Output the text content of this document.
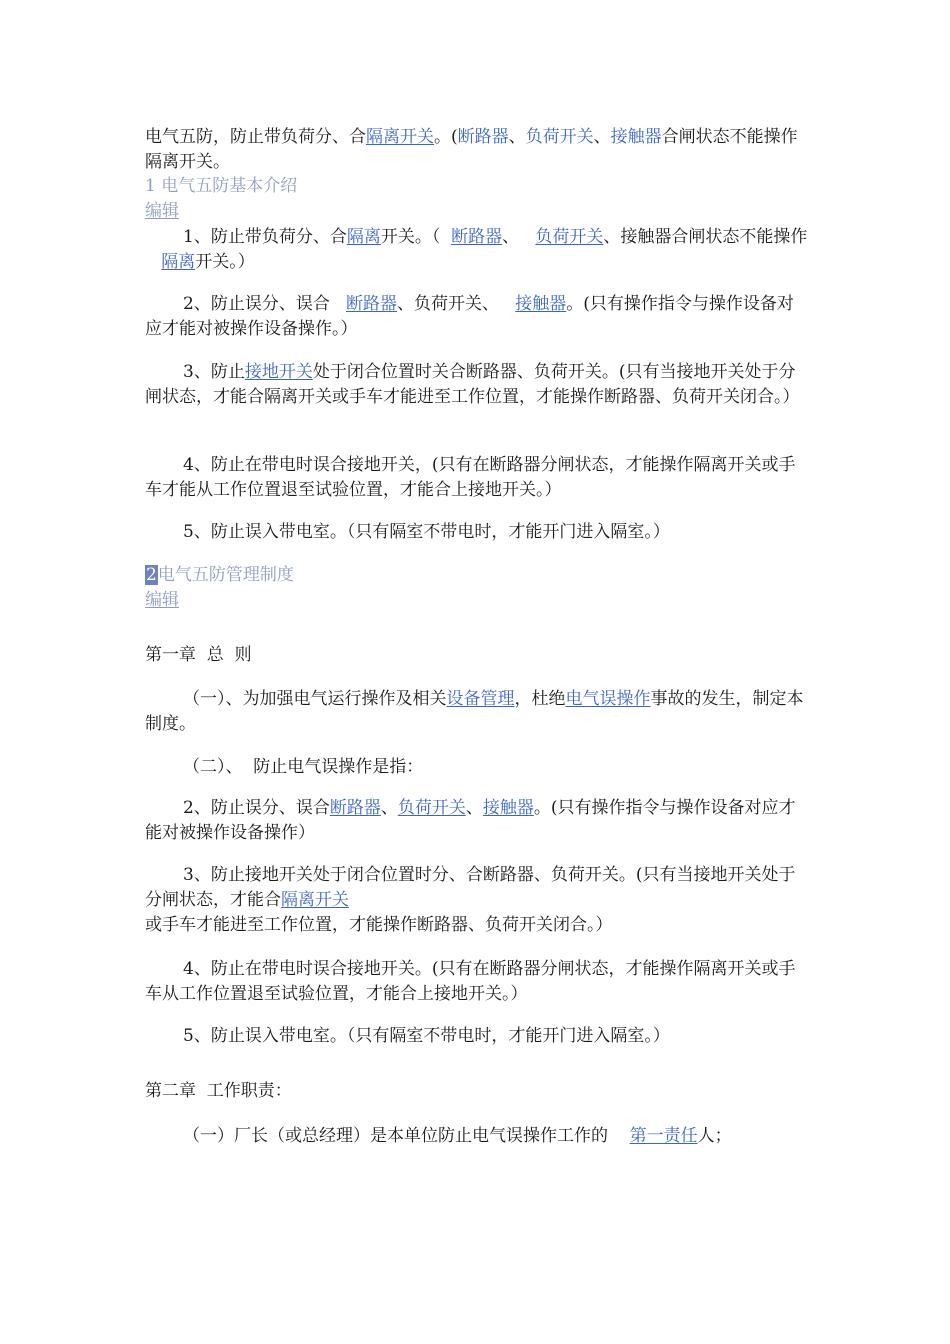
电气五防，防止带负荷分、合隔离开关。(断路器、负荷开关、接触器合闸状态不能操作隔离开关。

1 电气五防基本介绍
编辑

1、防止带负荷分、合隔离开关。（ 断路器、 负荷开关、接触器合闸状态不能操作   隔离开关。）

2、防止误分、误合 断路器、负荷开关、 接触器。(只有操作指令与操作设备对应才能对被操作设备操作。）

3、防止接地开关处于闭合位置时关合断路器、负荷开关。(只有当接地开关处于分闸状态，才能合隔离开关或手车才能进至工作位置，才能操作断路器、负荷开关闭合。）

4、防止在带电时误合接地开关，(只有在断路器分闸状态，才能操作隔离开关或手车才能从工作位置退至试验位置，才能合上接地开关。）

5、防止误入带电室。（只有隔室不带电时，才能开门进入隔室。）

2电气五防管理制度
编辑
第一章  总  则

（一）、为加强电气运行操作及相关设备管理，杜绝电气误操作事故的发生，制定本制度。

（二）、  防止电气误操作是指：

2、防止误分、误合断路器、负荷开关、接触器。(只有操作指令与操作设备对应才能对被操作设备操作）

3、防止接地开关处于闭合位置时分、合断路器、负荷开关。(只有当接地开关处于分闸状态，才能合隔离开关或手车才能进至工作位置，才能操作断路器、负荷开关闭合。）

4、防止在带电时误合接地开关。(只有在断路器分闸状态，才能操作隔离开关或手车从工作位置退至试验位置，才能合上接地开关。）

5、防止误入带电室。（只有隔室不带电时，才能开门进入隔室。）

第二章  工作职责：

（一）厂长（或总经理）是本单位防止电气误操作工作的 第一责任人；
